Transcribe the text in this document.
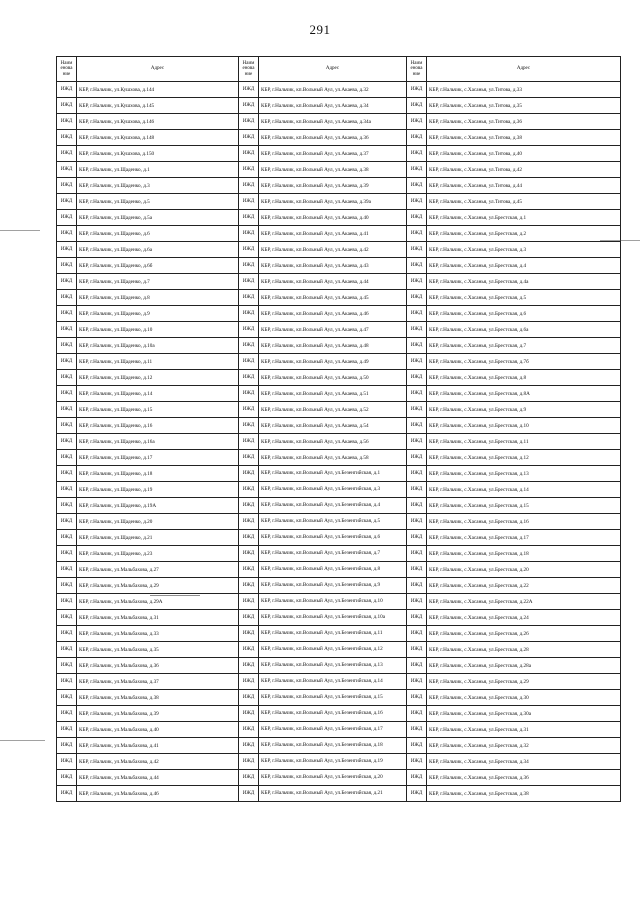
291
Наим енова ние	Адрес	Наим енова ние	Адрес	Наим енова ние	Адрес
ИЖД	КБР, г.Нальчик, ул.Кушхова, д.144	ИЖД	КБР, г.Нальчик, кп.Вольный Аул, ул.Акаева, д.32	ИЖД	КБР, г.Нальчик, с.Хасанья, ул.Титова, д.33
ИЖД	КБР, г.Нальчик, ул.Кушхова, д.145	ИЖД	КБР, г.Нальчик, кп.Вольный Аул, ул.Акаева, д.34	ИЖД	КБР, г.Нальчик, с.Хасанья, ул.Титова, д.35
ИЖД	КБР, г.Нальчик, ул.Кушхова, д.146	ИЖД	КБР, г.Нальчик, кп.Вольный Аул, ул.Акаева, д.34а	ИЖД	КБР, г.Нальчик, с.Хасанья, ул.Титова, д.36
ИЖД	КБР, г.Нальчик, ул.Кушхова, д.148	ИЖД	КБР, г.Нальчик, кп.Вольный Аул, ул.Акаева, д.36	ИЖД	КБР, г.Нальчик, с.Хасанья, ул.Титова, д.38
ИЖД	КБР, г.Нальчик, ул.Кушхова, д.150	ИЖД	КБР, г.Нальчик, кп.Вольный Аул, ул.Акаева, д.37	ИЖД	КБР, г.Нальчик, с.Хасанья, ул.Титова, д.40
ИЖД	КБР, г.Нальчик, ул.Щаденко, д.1	ИЖД	КБР, г.Нальчик, кп.Вольный Аул, ул.Акаева, д.38	ИЖД	КБР, г.Нальчик, с.Хасанья, ул.Титова, д.42
ИЖД	КБР, г.Нальчик, ул.Щаденко, д.3	ИЖД	КБР, г.Нальчик, кп.Вольный Аул, ул.Акаева, д.39	ИЖД	КБР, г.Нальчик, с.Хасанья, ул.Титова, д.44
ИЖД	КБР, г.Нальчик, ул.Щаденко, д.5	ИЖД	КБР, г.Нальчик, кп.Вольный Аул, ул.Акаева, д.39а	ИЖД	КБР, г.Нальчик, с.Хасанья, ул.Титова, д.45
ИЖД	КБР, г.Нальчик, ул.Щаденко, д.5а	ИЖД	КБР, г.Нальчик, кп.Вольный Аул, ул.Акаева, д.40	ИЖД	КБР, г.Нальчик, с.Хасанья, ул.Брестская, д.1
ИЖД	КБР, г.Нальчик, ул.Щаденко, д.6	ИЖД	КБР, г.Нальчик, кп.Вольный Аул, ул.Акаева, д.41	ИЖД	КБР, г.Нальчик, с.Хасанья, ул.Брестская, д.2
ИЖД	КБР, г.Нальчик, ул.Щаденко, д.6а	ИЖД	КБР, г.Нальчик, кп.Вольный Аул, ул.Акаева, д.42	ИЖД	КБР, г.Нальчик, с.Хасанья, ул.Брестская, д.3
ИЖД	КБР, г.Нальчик, ул.Щаденко, д.6б	ИЖД	КБР, г.Нальчик, кп.Вольный Аул, ул.Акаева, д.43	ИЖД	КБР, г.Нальчик, с.Хасанья, ул.Брестская, д.4
ИЖД	КБР, г.Нальчик, ул.Щаденко, д.7	ИЖД	КБР, г.Нальчик, кп.Вольный Аул, ул.Акаева, д.44	ИЖД	КБР, г.Нальчик, с.Хасанья, ул.Брестская, д.4а
ИЖД	КБР, г.Нальчик, ул.Щаденко, д.8	ИЖД	КБР, г.Нальчик, кп.Вольный Аул, ул.Акаева, д.45	ИЖД	КБР, г.Нальчик, с.Хасанья, ул.Брестская, д.5
ИЖД	КБР, г.Нальчик, ул.Щаденко, д.9	ИЖД	КБР, г.Нальчик, кп.Вольный Аул, ул.Акаева, д.46	ИЖД	КБР, г.Нальчик, с.Хасанья, ул.Брестская, д.6
ИЖД	КБР, г.Нальчик, ул.Щаденко, д.10	ИЖД	КБР, г.Нальчик, кп.Вольный Аул, ул.Акаева, д.47	ИЖД	КБР, г.Нальчик, с.Хасанья, ул.Брестская, д.6а
ИЖД	КБР, г.Нальчик, ул.Щаденко, д.10а	ИЖД	КБР, г.Нальчик, кп.Вольный Аул, ул.Акаева, д.48	ИЖД	КБР, г.Нальчик, с.Хасанья, ул.Брестская, д.7
ИЖД	КБР, г.Нальчик, ул.Щаденко, д.11	ИЖД	КБР, г.Нальчик, кп.Вольный Аул, ул.Акаева, д.49	ИЖД	КБР, г.Нальчик, с.Хасанья, ул.Брестская, д.7б
ИЖД	КБР, г.Нальчик, ул.Щаденко, д.12	ИЖД	КБР, г.Нальчик, кп.Вольный Аул, ул.Акаева, д.50	ИЖД	КБР, г.Нальчик, с.Хасанья, ул.Брестская, д.8
ИЖД	КБР, г.Нальчик, ул.Щаденко, д.14	ИЖД	КБР, г.Нальчик, кп.Вольный Аул, ул.Акаева, д.51	ИЖД	КБР, г.Нальчик, с.Хасанья, ул.Брестская, д.8А
ИЖД	КБР, г.Нальчик, ул.Щаденко, д.15	ИЖД	КБР, г.Нальчик, кп.Вольный Аул, ул.Акаева, д.52	ИЖД	КБР, г.Нальчик, с.Хасанья, ул.Брестская, д.9
ИЖД	КБР, г.Нальчик, ул.Щаденко, д.16	ИЖД	КБР, г.Нальчик, кп.Вольный Аул, ул.Акаева, д.54	ИЖД	КБР, г.Нальчик, с.Хасанья, ул.Брестская, д.10
ИЖД	КБР, г.Нальчик, ул.Щаденко, д.16а	ИЖД	КБР, г.Нальчик, кп.Вольный Аул, ул.Акаева, д.56	ИЖД	КБР, г.Нальчик, с.Хасанья, ул.Брестская, д.11
ИЖД	КБР, г.Нальчик, ул.Щаденко, д.17	ИЖД	КБР, г.Нальчик, кп.Вольный Аул, ул.Акаева, д.58	ИЖД	КБР, г.Нальчик, с.Хасанья, ул.Брестская, д.12
ИЖД	КБР, г.Нальчик, ул.Щаденко, д.18	ИЖД	КБР, г.Нальчик, кп.Вольный Аул, ул.Безенгийская, д.1	ИЖД	КБР, г.Нальчик, с.Хасанья, ул.Брестская, д.13
ИЖД	КБР, г.Нальчик, ул.Щаденко, д.19	ИЖД	КБР, г.Нальчик, кп.Вольный Аул, ул.Безенгийская, д.3	ИЖД	КБР, г.Нальчик, с.Хасанья, ул.Брестская, д.14
ИЖД	КБР, г.Нальчик, ул.Щаденко, д.19А	ИЖД	КБР, г.Нальчик, кп.Вольный Аул, ул.Безенгийская, д.4	ИЖД	КБР, г.Нальчик, с.Хасанья, ул.Брестская, д.15
ИЖД	КБР, г.Нальчик, ул.Щаденко, д.20	ИЖД	КБР, г.Нальчик, кп.Вольный Аул, ул.Безенгийская, д.5	ИЖД	КБР, г.Нальчик, с.Хасанья, ул.Брестская, д.16
ИЖД	КБР, г.Нальчик, ул.Щаденко, д.21	ИЖД	КБР, г.Нальчик, кп.Вольный Аул, ул.Безенгийская, д.6	ИЖД	КБР, г.Нальчик, с.Хасанья, ул.Брестская, д.17
ИЖД	КБР, г.Нальчик, ул.Щаденко, д.23	ИЖД	КБР, г.Нальчик, кп.Вольный Аул, ул.Безенгийская, д.7	ИЖД	КБР, г.Нальчик, с.Хасанья, ул.Брестская, д.18
ИЖД	КБР, г.Нальчик, ул.Мальбахова, д.27	ИЖД	КБР, г.Нальчик, кп.Вольный Аул, ул.Безенгийская, д.8	ИЖД	КБР, г.Нальчик, с.Хасанья, ул.Брестская, д.20
ИЖД	КБР, г.Нальчик, ул.Мальбахова, д.29	ИЖД	КБР, г.Нальчик, кп.Вольный Аул, ул.Безенгийская, д.9	ИЖД	КБР, г.Нальчик, с.Хасанья, ул.Брестская, д.22
ИЖД	КБР, г.Нальчик, ул.Мальбахова, д.29А	ИЖД	КБР, г.Нальчик, кп.Вольный Аул, ул.Безенгийская, д.10	ИЖД	КБР, г.Нальчик, с.Хасанья, ул.Брестская, д.22А
ИЖД	КБР, г.Нальчик, ул.Мальбахова, д.31	ИЖД	КБР, г.Нальчик, кп.Вольный Аул, ул.Безенгийская, д.10а	ИЖД	КБР, г.Нальчик, с.Хасанья, ул.Брестская, д.24
ИЖД	КБР, г.Нальчик, ул.Мальбахова, д.33	ИЖД	КБР, г.Нальчик, кп.Вольный Аул, ул.Безенгийская, д.11	ИЖД	КБР, г.Нальчик, с.Хасанья, ул.Брестская, д.26
ИЖД	КБР, г.Нальчик, ул.Мальбахова, д.35	ИЖД	КБР, г.Нальчик, кп.Вольный Аул, ул.Безенгийская, д.12	ИЖД	КБР, г.Нальчик, с.Хасанья, ул.Брестская, д.28
ИЖД	КБР, г.Нальчик, ул.Мальбахова, д.36	ИЖД	КБР, г.Нальчик, кп.Вольный Аул, ул.Безенгийская, д.13	ИЖД	КБР, г.Нальчик, с.Хасанья, ул.Брестская, д.28а
ИЖД	КБР, г.Нальчик, ул.Мальбахова, д.37	ИЖД	КБР, г.Нальчик, кп.Вольный Аул, ул.Безенгийская, д.14	ИЖД	КБР, г.Нальчик, с.Хасанья, ул.Брестская, д.29
ИЖД	КБР, г.Нальчик, ул.Мальбахова, д.38	ИЖД	КБР, г.Нальчик, кп.Вольный Аул, ул.Безенгийская, д.15	ИЖД	КБР, г.Нальчик, с.Хасанья, ул.Брестская, д.30
ИЖД	КБР, г.Нальчик, ул.Мальбахова, д.39	ИЖД	КБР, г.Нальчик, кп.Вольный Аул, ул.Безенгийская, д.16	ИЖД	КБР, г.Нальчик, с.Хасанья, ул.Брестская, д.30а
ИЖД	КБР, г.Нальчик, ул.Мальбахова, д.40	ИЖД	КБР, г.Нальчик, кп.Вольный Аул, ул.Безенгийская, д.17	ИЖД	КБР, г.Нальчик, с.Хасанья, ул.Брестская, д.31
ИЖД	КБР, г.Нальчик, ул.Мальбахова, д.41	ИЖД	КБР, г.Нальчик, кп.Вольный Аул, ул.Безенгийская, д.18	ИЖД	КБР, г.Нальчик, с.Хасанья, ул.Брестская, д.32
ИЖД	КБР, г.Нальчик, ул.Мальбахова, д.42	ИЖД	КБР, г.Нальчик, кп.Вольный Аул, ул.Безенгийская, д.19	ИЖД	КБР, г.Нальчик, с.Хасанья, ул.Брестская, д.34
ИЖД	КБР, г.Нальчик, ул.Мальбахова, д.44	ИЖД	КБР, г.Нальчик, кп.Вольный Аул, ул.Безенгийская, д.20	ИЖД	КБР, г.Нальчик, с.Хасанья, ул.Брестская, д.36
ИЖД	КБР, г.Нальчик, ул.Мальбахова, д.46	ИЖД	КБР, г.Нальчик, кп.Вольный Аул, ул.Безенгийская, д.21	ИЖД	КБР, г.Нальчик, с.Хасанья, ул.Брестская, д.38
